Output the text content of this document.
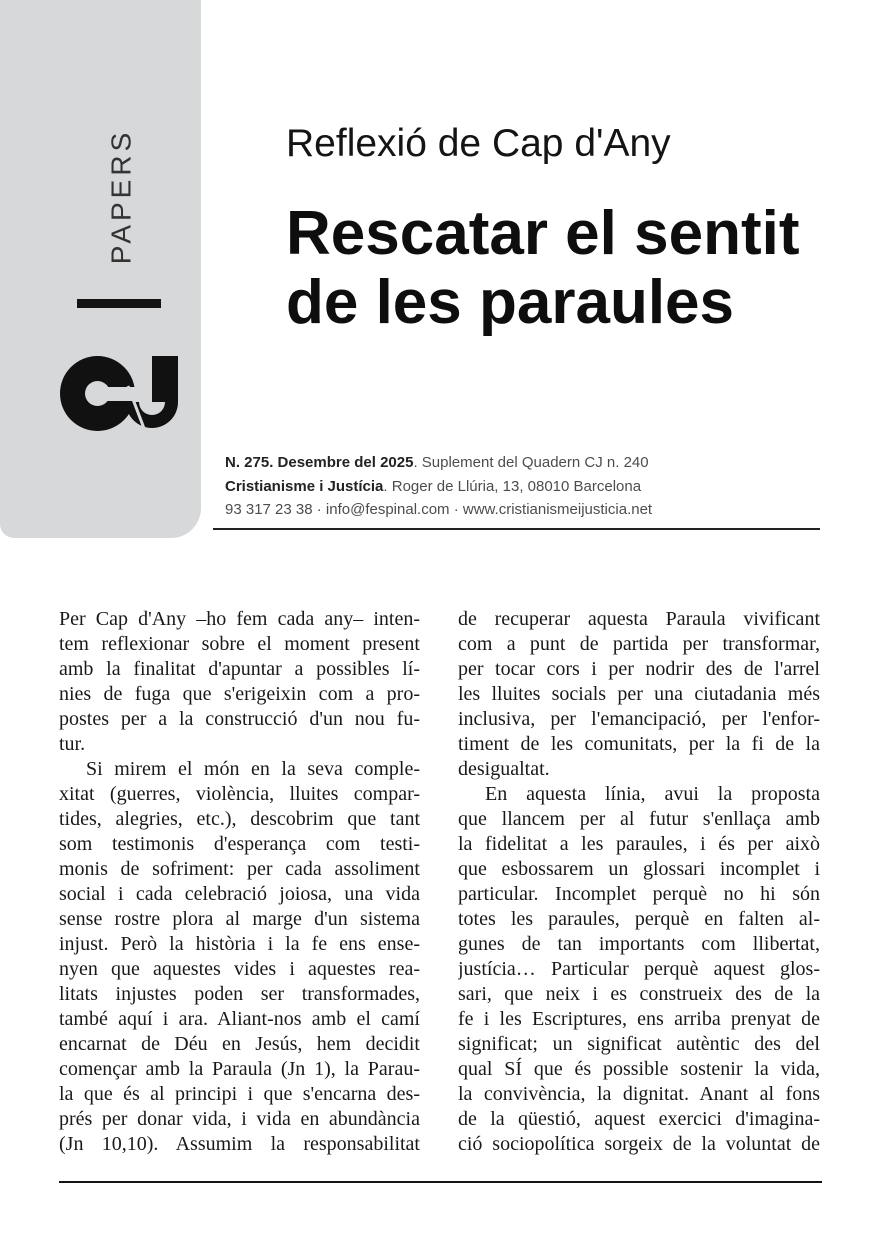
PAPERS	Reflexió de Cap d'Any
Rescatar el sentit
de les paraules
N. 275. Desembre del 2025. Suplement del Quadern CJ n. 240
Cristianisme i Justícia. Roger de Llúria, 13, 08010 Barcelona
93 317 23 38 · info@fespinal.com · www.cristianismeijusticia.net
Per Cap d'Any –ho fem cada any– inten-
tem reflexionar sobre el moment present
amb la finalitat d'apuntar a possibles lí-
nies de fuga que s'erigeixin com a pro-
postes per a la construcció d'un nou fu-
tur.
Si mirem el món en la seva comple-
xitat (guerres, violència, lluites compar-
tides, alegries, etc.), descobrim que tant
som testimonis d'esperança com testi-
monis de sofriment: per cada assoliment
social i cada celebració joiosa, una vida
sense rostre plora al marge d'un sistema
injust. Però la història i la fe ens ense-
nyen que aquestes vides i aquestes rea-
litats injustes poden ser transformades,
també aquí i ara. Aliant-nos amb el camí
encarnat de Déu en Jesús, hem decidit
començar amb la Paraula (Jn 1), la Parau-
la que és al principi i que s'encarna des-
prés per donar vida, i vida en abundància
(Jn 10,10). Assumim la responsabilitat
de recuperar aquesta Paraula vivificant
com a punt de partida per transformar,
per tocar cors i per nodrir des de l'arrel
les lluites socials per una ciutadania més
inclusiva, per l'emancipació, per l'enfor-
timent de les comunitats, per la fi de la
desigualtat.
En aquesta línia, avui la proposta
que llancem per al futur s'enllaça amb
la fidelitat a les paraules, i és per això
que esbossarem un glossari incomplet i
particular. Incomplet perquè no hi són
totes les paraules, perquè en falten al-
gunes de tan importants com llibertat,
justícia… Particular perquè aquest glos-
sari, que neix i es construeix des de la
fe i les Escriptures, ens arriba prenyat de
significat; un significat autèntic des del
qual SÍ que és possible sostenir la vida,
la convivència, la dignitat. Anant al fons
de la qüestió, aquest exercici d'imagina-
ció sociopolítica sorgeix de la voluntat de
